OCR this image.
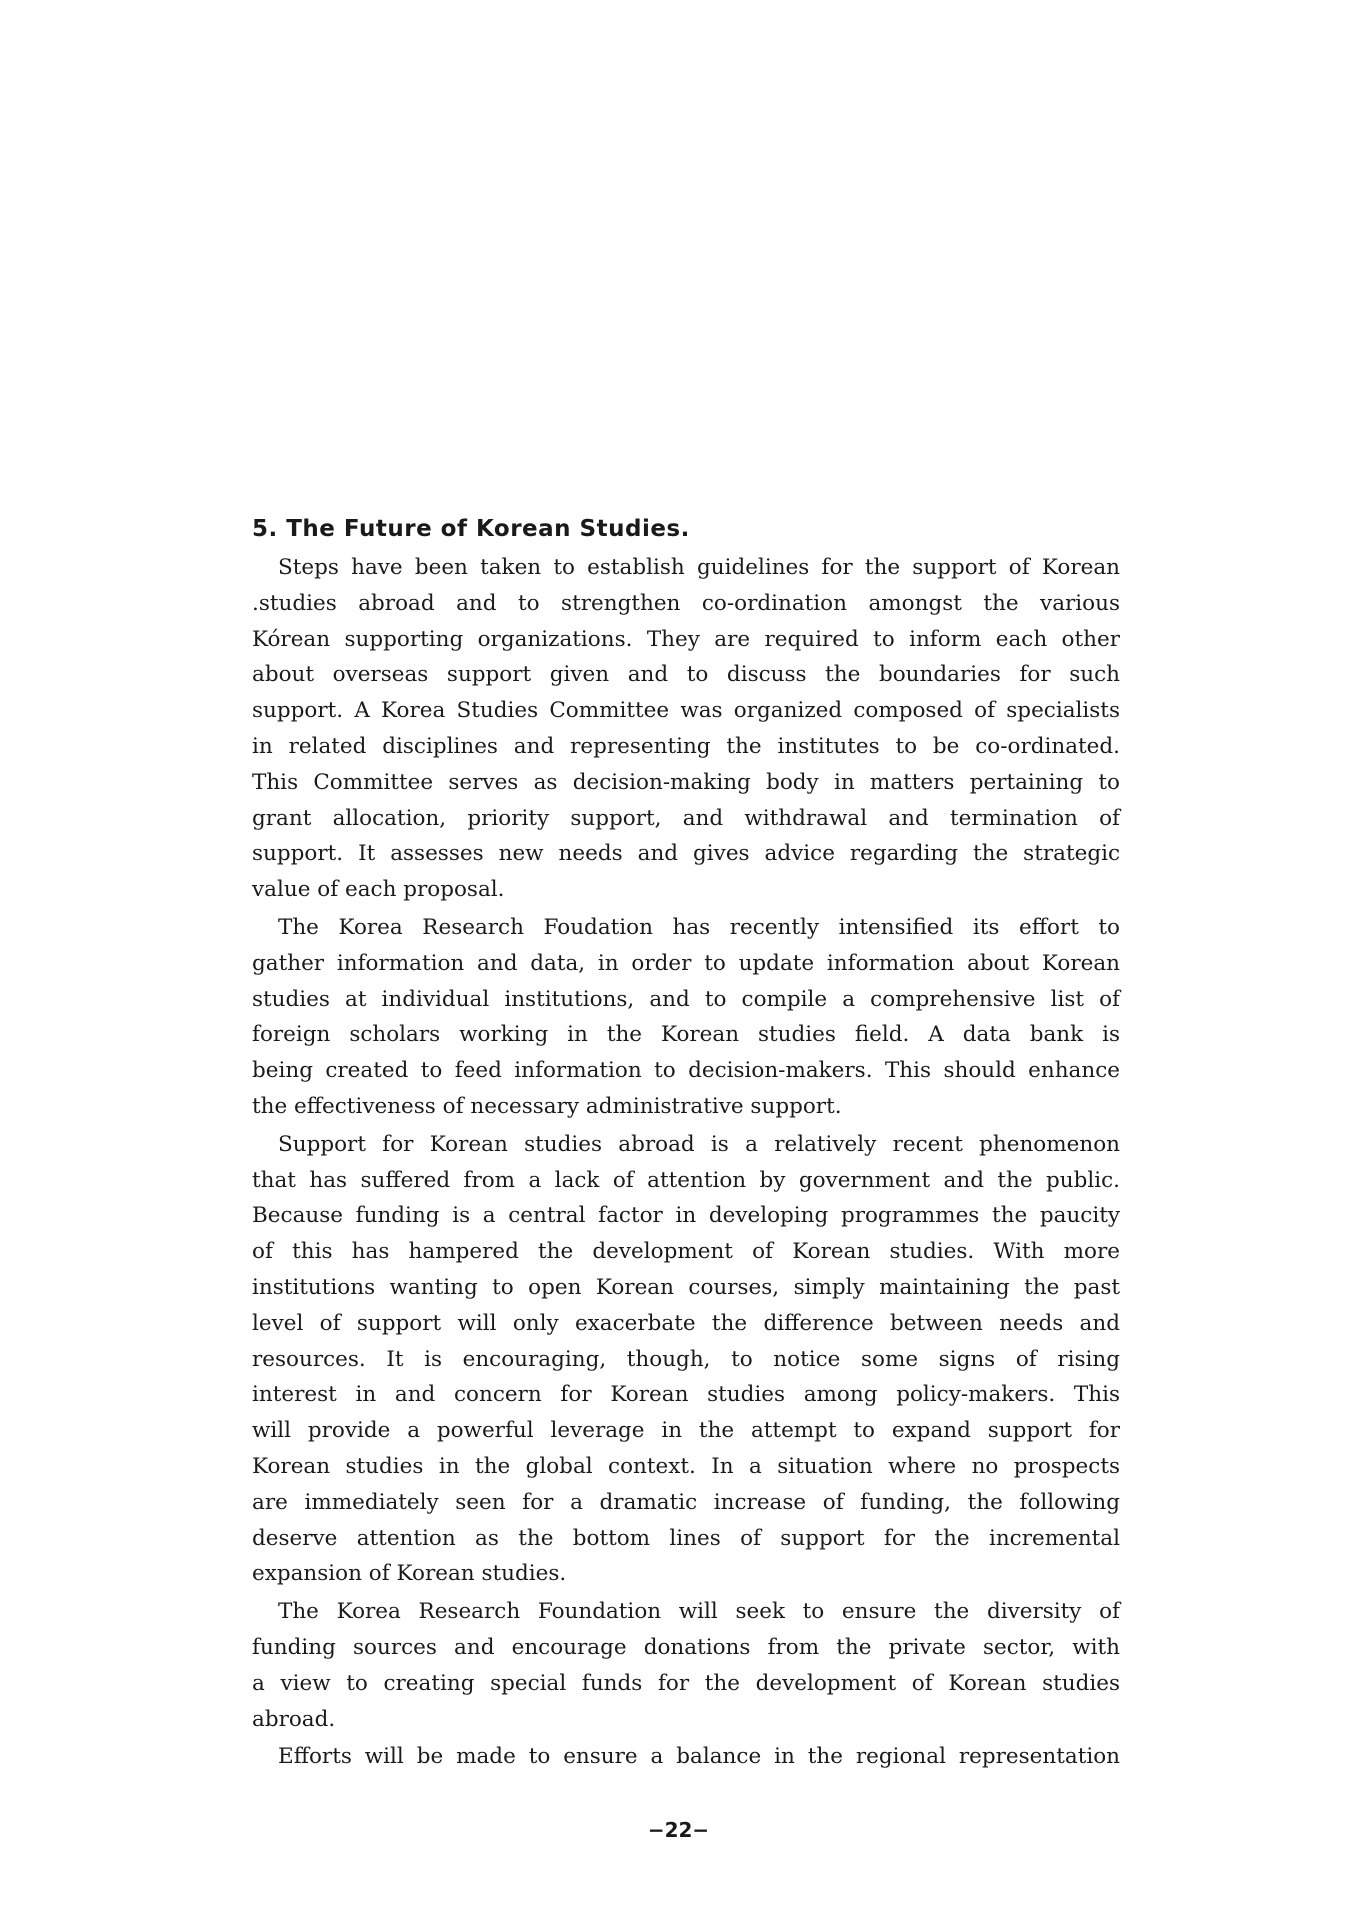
5. The Future of Korean Studies.
Steps have been taken to establish guidelines for the support of Korean
.studies abroad and to strengthen co-ordination amongst the various
Kórean supporting organizations. They are required to inform each other
about overseas support given and to discuss the boundaries for such
support. A Korea Studies Committee was organized composed of specialists
in related disciplines and representing the institutes to be co-ordinated.
This Committee serves as decision-making body in matters pertaining to
grant allocation, priority support, and withdrawal and termination of
support. It assesses new needs and gives advice regarding the strategic
value of each proposal.
The Korea Research Foudation has recently intensified its effort to
gather information and data, in order to update information about Korean
studies at individual institutions, and to compile a comprehensive list of
foreign scholars working in the Korean studies field. A data bank is
being created to feed information to decision-makers. This should enhance
the effectiveness of necessary administrative support.
Support for Korean studies abroad is a relatively recent phenomenon
that has suffered from a lack of attention by government and the public.
Because funding is a central factor in developing programmes the paucity
of this has hampered the development of Korean studies. With more
institutions wanting to open Korean courses, simply maintaining the past
level of support will only exacerbate the difference between needs and
resources. It is encouraging, though, to notice some signs of rising
interest in and concern for Korean studies among policy-makers. This
will provide a powerful leverage in the attempt to expand support for
Korean studies in the global context. In a situation where no prospects
are immediately seen for a dramatic increase of funding, the following
deserve attention as the bottom lines of support for the incremental
expansion of Korean studies.
The Korea Research Foundation will seek to ensure the diversity of
funding sources and encourage donations from the private sector, with
a view to creating special funds for the development of Korean studies
abroad.
Efforts will be made to ensure a balance in the regional representation
−22−
